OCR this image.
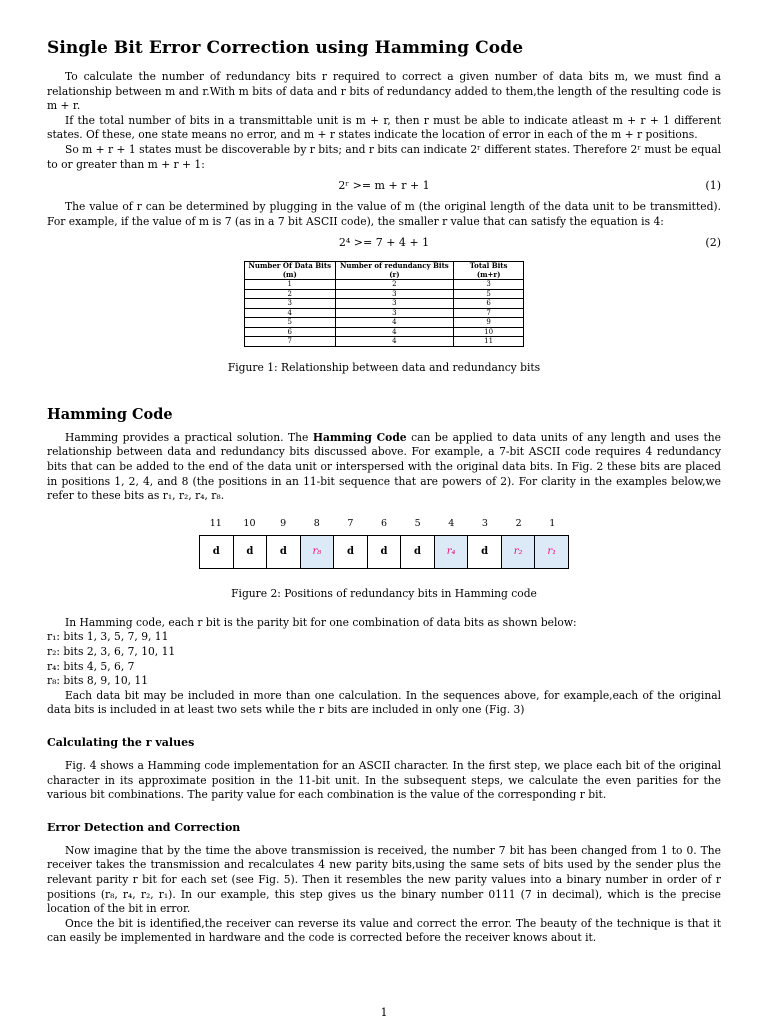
Single Bit Error Correction using Hamming Code

To calculate the number of redundancy bits r required to correct a given number of data bits m, we must find a relationship between m and r.With m bits of data and r bits of redundancy added to them,the length of the resulting code is m + r.

If the total number of bits in a transmittable unit is m + r, then r must be able to indicate atleast m + r + 1 different states. Of these, one state means no error, and m + r states indicate the location of error in each of the m + r positions.

So m + r + 1 states must be discoverable by r bits; and r bits can indicate 2ʳ different states. Therefore 2ʳ must be equal to or greater than m + r + 1:

2ʳ >= m + r + 1	(1)

The value of r can be determined by plugging in the value of m (the original length of the data unit to be transmitted). For example, if the value of m is 7 (as in a 7 bit ASCII code), the smaller r value that can satisfy the equation is 4:

2⁴ >= 7 + 4 + 1	(2)
Number Of Data Bits	Number of redundancy Bits	Total Bits
(m)	(r)	(m+r)
1	2	3
2	3	5
3	3	6
4	3	7
5	4	9
6	4	10
7	4	11
Figure 1: Relationship between data and redundancy bits
Hamming Code

Hamming provides a practical solution. The Hamming Code can be applied to data units of any length and uses the relationship between data and redundancy bits discussed above. For example, a 7-bit ASCII code requires 4 redundancy bits that can be added to the end of the data unit or interspersed with the original data bits. In Fig. 2 these bits are placed in positions 1, 2, 4, and 8 (the positions in an 11-bit sequence that are powers of 2). For clarity in the examples below,we refer to these bits as r₁, r₂, r₄, r₈.

11	10	9	8	7	6	5	4	3	2	1
d	d	d	r₈	d	d	d	r₄	d	r₂	r₁
Figure 2: Positions of redundancy bits in Hamming code

In Hamming code, each r bit is the parity bit for one combination of data bits as shown below:

r₁: bits 1, 3, 5, 7, 9, 11
r₂: bits 2, 3, 6, 7, 10, 11
r₄: bits 4, 5, 6, 7
r₈: bits 8, 9, 10, 11

Each data bit may be included in more than one calculation. In the sequences above, for example,each of the original data bits is included in at least two sets while the r bits are included in only one (Fig. 3)

Calculating the r values

Fig. 4 shows a Hamming code implementation for an ASCII character. In the first step, we place each bit of the original character in its approximate position in the 11-bit unit. In the subsequent steps, we calculate the even parities for the various bit combinations. The parity value for each combination is the value of the corresponding r bit.

Error Detection and Correction

Now imagine that by the time the above transmission is received, the number 7 bit has been changed from 1 to 0. The receiver takes the transmission and recalculates 4 new parity bits,using the same sets of bits used by the sender plus the relevant parity r bit for each set (see Fig. 5). Then it resembles the new parity values into a binary number in order of r positions (r₈, r₄, r₂, r₁). In our example, this step gives us the binary number 0111 (7 in decimal), which is the precise location of the bit in error.

Once the bit is identified,the receiver can reverse its value and correct the error. The beauty of the technique is that it can easily be implemented in hardware and the code is corrected before the receiver knows about it.

1
